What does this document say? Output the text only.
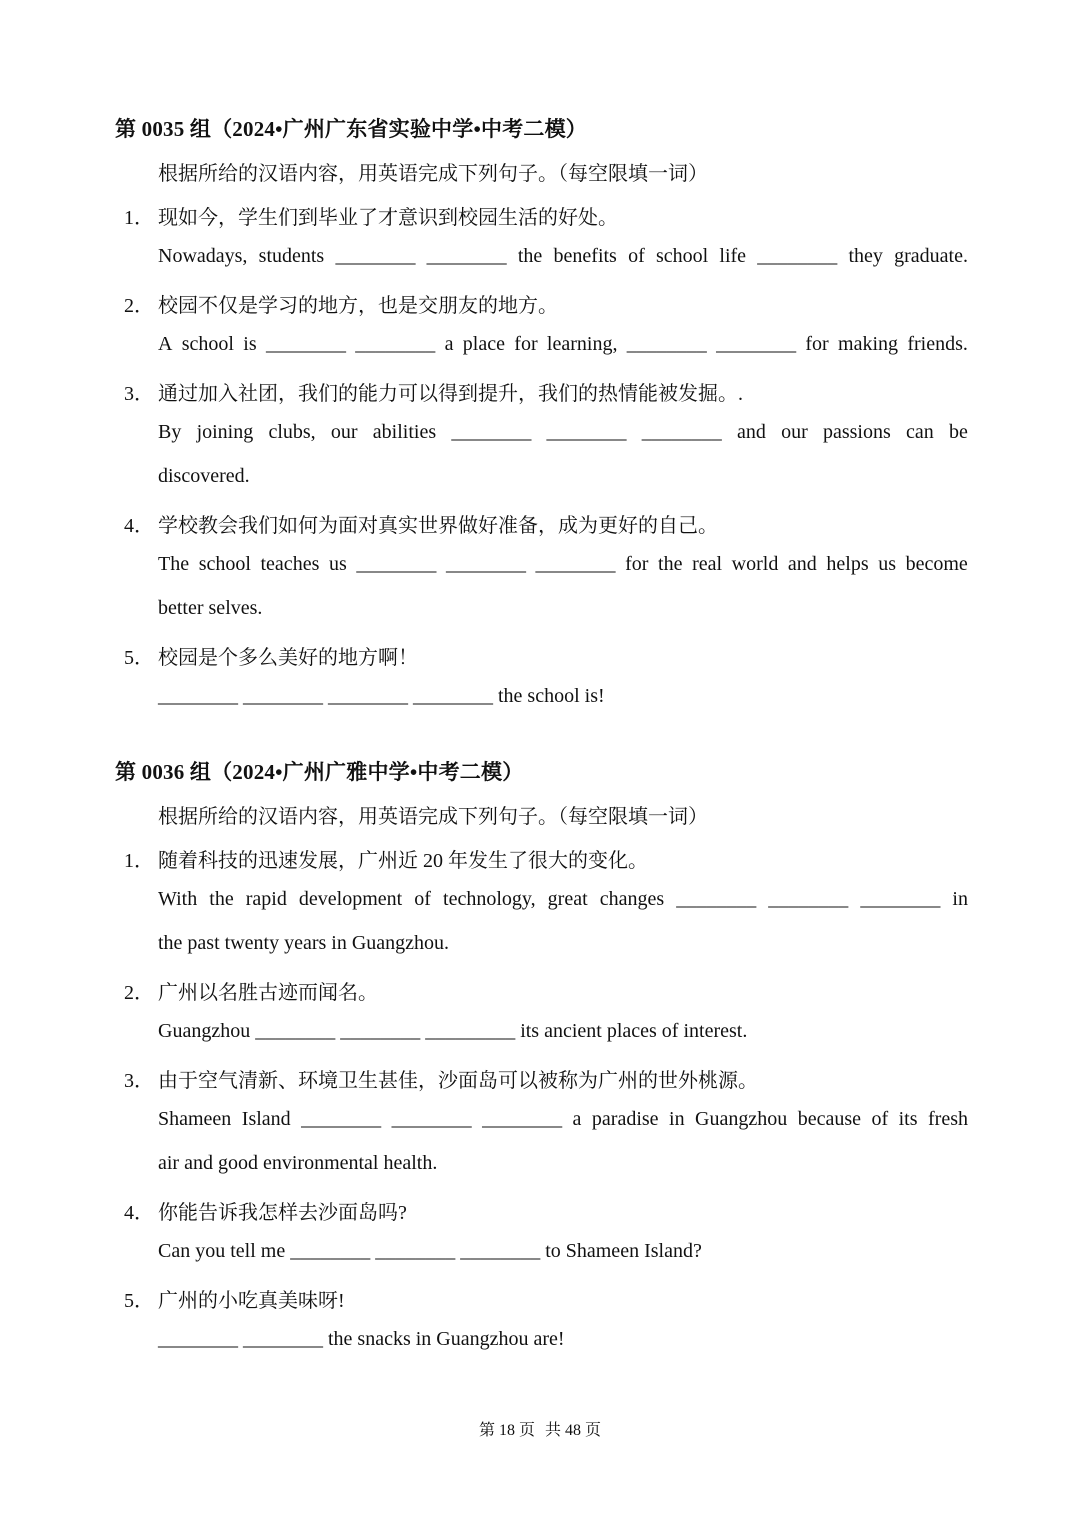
第 0035 组（2024•广州广东省实验中学•中考二模）
根据所给的汉语内容，用英语完成下列句子。（每空限填一词）
1． 现如今，学生们到毕业了才意识到校园生活的好处。
Nowadays, students ________ ________ the benefits of school life ________ they graduate.
2． 校园不仅是学习的地方，也是交朋友的地方。
A school is ________ ________ a place for learning, ________ ________ for making friends.
3． 通过加入社团，我们的能力可以得到提升，我们的热情能被发掘。.
By joining clubs, our abilities ________ ________ ________ and our passions can be
discovered.
4． 学校教会我们如何为面对真实世界做好准备，成为更好的自己。
The school teaches us ________ ________ ________ for the real world and helps us become
better selves.
5． 校园是个多么美好的地方啊！
________ ________ ________ ________ the school is!
第 0036 组（2024•广州广雅中学•中考二模）
根据所给的汉语内容，用英语完成下列句子。（每空限填一词）
1． 随着科技的迅速发展，广州近 20 年发生了很大的变化。
With the rapid development of technology, great changes ________ ________ ________ in
the past twenty years in Guangzhou.
2． 广州以名胜古迹而闻名。
Guangzhou ________ ________ _________ its ancient places of interest.
3． 由于空气清新、环境卫生甚佳，沙面岛可以被称为广州的世外桃源。
Shameen Island ________ ________ ________ a paradise in Guangzhou because of its fresh
air and good environmental health.
4． 你能告诉我怎样去沙面岛吗?
Can you tell me ________ ________ ________ to Shameen Island?
5． 广州的小吃真美味呀!
________ ________ the snacks in Guangzhou are!
第 18 页 共 48 页
